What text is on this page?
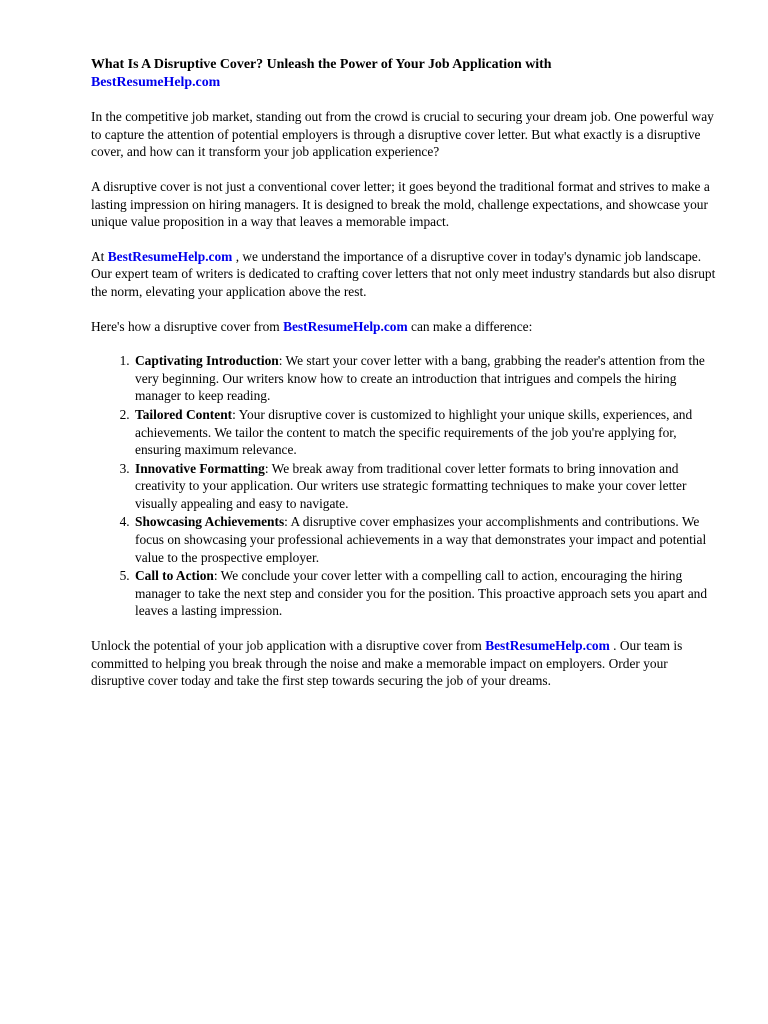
What Is A Disruptive Cover? Unleash the Power of Your Job Application with
BestResumeHelp.com

In the competitive job market, standing out from the crowd is crucial to securing your dream job. One powerful way to capture the attention of potential employers is through a disruptive cover letter. But what exactly is a disruptive cover, and how can it transform your job application experience?

A disruptive cover is not just a conventional cover letter; it goes beyond the traditional format and strives to make a lasting impression on hiring managers. It is designed to break the mold, challenge expectations, and showcase your unique value proposition in a way that leaves a memorable impact.

At BestResumeHelp.com , we understand the importance of a disruptive cover in today's dynamic job landscape. Our expert team of writers is dedicated to crafting cover letters that not only meet industry standards but also disrupt the norm, elevating your application above the rest.

Here's how a disruptive cover from BestResumeHelp.com can make a difference:

1. Captivating Introduction: We start your cover letter with a bang, grabbing the reader's attention from the very beginning. Our writers know how to create an introduction that intrigues and compels the hiring manager to keep reading.
2. Tailored Content: Your disruptive cover is customized to highlight your unique skills, experiences, and achievements. We tailor the content to match the specific requirements of the job you're applying for, ensuring maximum relevance.
3. Innovative Formatting: We break away from traditional cover letter formats to bring innovation and creativity to your application. Our writers use strategic formatting techniques to make your cover letter visually appealing and easy to navigate.
4. Showcasing Achievements: A disruptive cover emphasizes your accomplishments and contributions. We focus on showcasing your professional achievements in a way that demonstrates your impact and potential value to the prospective employer.
5. Call to Action: We conclude your cover letter with a compelling call to action, encouraging the hiring manager to take the next step and consider you for the position. This proactive approach sets you apart and leaves a lasting impression.

Unlock the potential of your job application with a disruptive cover from BestResumeHelp.com . Our team is committed to helping you break through the noise and make a memorable impact on employers. Order your disruptive cover today and take the first step towards securing the job of your dreams.
